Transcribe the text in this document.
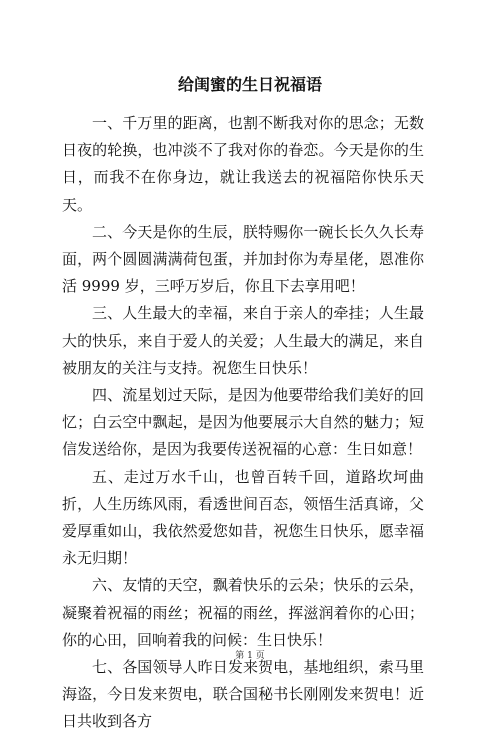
给闺蜜的生日祝福语

一、千万里的距离，也割不断我对你的思念；无数日夜的轮换，也冲淡不了我对你的眷恋。今天是你的生日，而我不在你身边，就让我送去的祝福陪你快乐天天。

二、今天是你的生辰，朕特赐你一碗长长久久长寿面，两个圆圆满满荷包蛋，并加封你为寿星佬，恩准你活 9999 岁，三呼万岁后，你且下去享用吧！

三、人生最大的幸福，来自于亲人的牵挂；人生最大的快乐，来自于爱人的关爱；人生最大的满足，来自被朋友的关注与支持。祝您生日快乐！

四、流星划过天际，是因为他要带给我们美好的回忆；白云空中飘起，是因为他要展示大自然的魅力；短信发送给你，是因为我要传送祝福的心意：生日如意！

五、走过万水千山，也曾百转千回，道路坎坷曲折，人生历练风雨，看透世间百态，领悟生活真谛，父爱厚重如山，我依然爱您如昔，祝您生日快乐，愿幸福永无归期！

六、友情的天空，飘着快乐的云朵；快乐的云朵，凝聚着祝福的雨丝；祝福的雨丝，挥滋润着你的心田；你的心田，回响着我的问候：生日快乐！

七、各国领导人昨日发来贺电，基地组织，索马里海盗，今日发来贺电，联合国秘书长刚刚发来贺电！近日共收到各方

第 1 页
